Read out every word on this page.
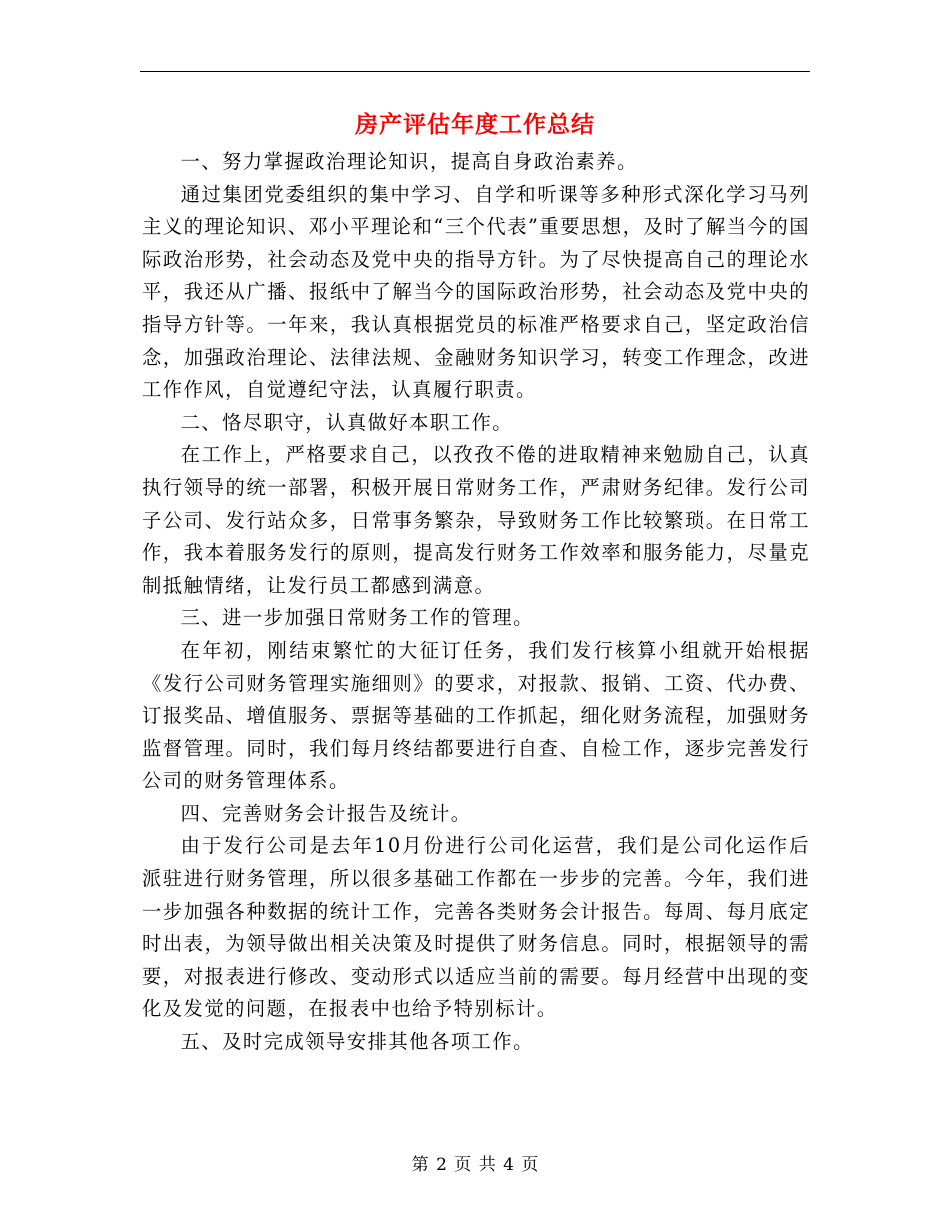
房产评估年度工作总结

一、努力掌握政治理论知识，提高自身政治素养。

通过集团党委组织的集中学习、自学和听课等多种形式深化学习马列主义的理论知识、邓小平理论和“三个代表”重要思想，及时了解当今的国际政治形势，社会动态及党中央的指导方针。为了尽快提高自己的理论水平，我还从广播、报纸中了解当今的国际政治形势，社会动态及党中央的指导方针等。一年来，我认真根据党员的标准严格要求自己，坚定政治信念，加强政治理论、法律法规、金融财务知识学习，转变工作理念，改进工作作风，自觉遵纪守法，认真履行职责。

二、恪尽职守，认真做好本职工作。

在工作上，严格要求自己，以孜孜不倦的进取精神来勉励自己，认真执行领导的统一部署，积极开展日常财务工作，严肃财务纪律。发行公司子公司、发行站众多，日常事务繁杂，导致财务工作比较繁琐。在日常工作，我本着服务发行的原则，提高发行财务工作效率和服务能力，尽量克制抵触情绪，让发行员工都感到满意。

三、进一步加强日常财务工作的管理。

在年初，刚结束繁忙的大征订任务，我们发行核算小组就开始根据《发行公司财务管理实施细则》的要求，对报款、报销、工资、代办费、订报奖品、增值服务、票据等基础的工作抓起，细化财务流程，加强财务监督管理。同时，我们每月终结都要进行自查、自检工作，逐步完善发行公司的财务管理体系。

四、完善财务会计报告及统计。

由于发行公司是去年10月份进行公司化运营，我们是公司化运作后派驻进行财务管理，所以很多基础工作都在一步步的完善。今年，我们进一步加强各种数据的统计工作，完善各类财务会计报告。每周、每月底定时出表，为领导做出相关决策及时提供了财务信息。同时，根据领导的需要，对报表进行修改、变动形式以适应当前的需要。每月经营中出现的变化及发觉的问题，在报表中也给予特别标计。

五、及时完成领导安排其他各项工作。

第 2 页 共 4 页
